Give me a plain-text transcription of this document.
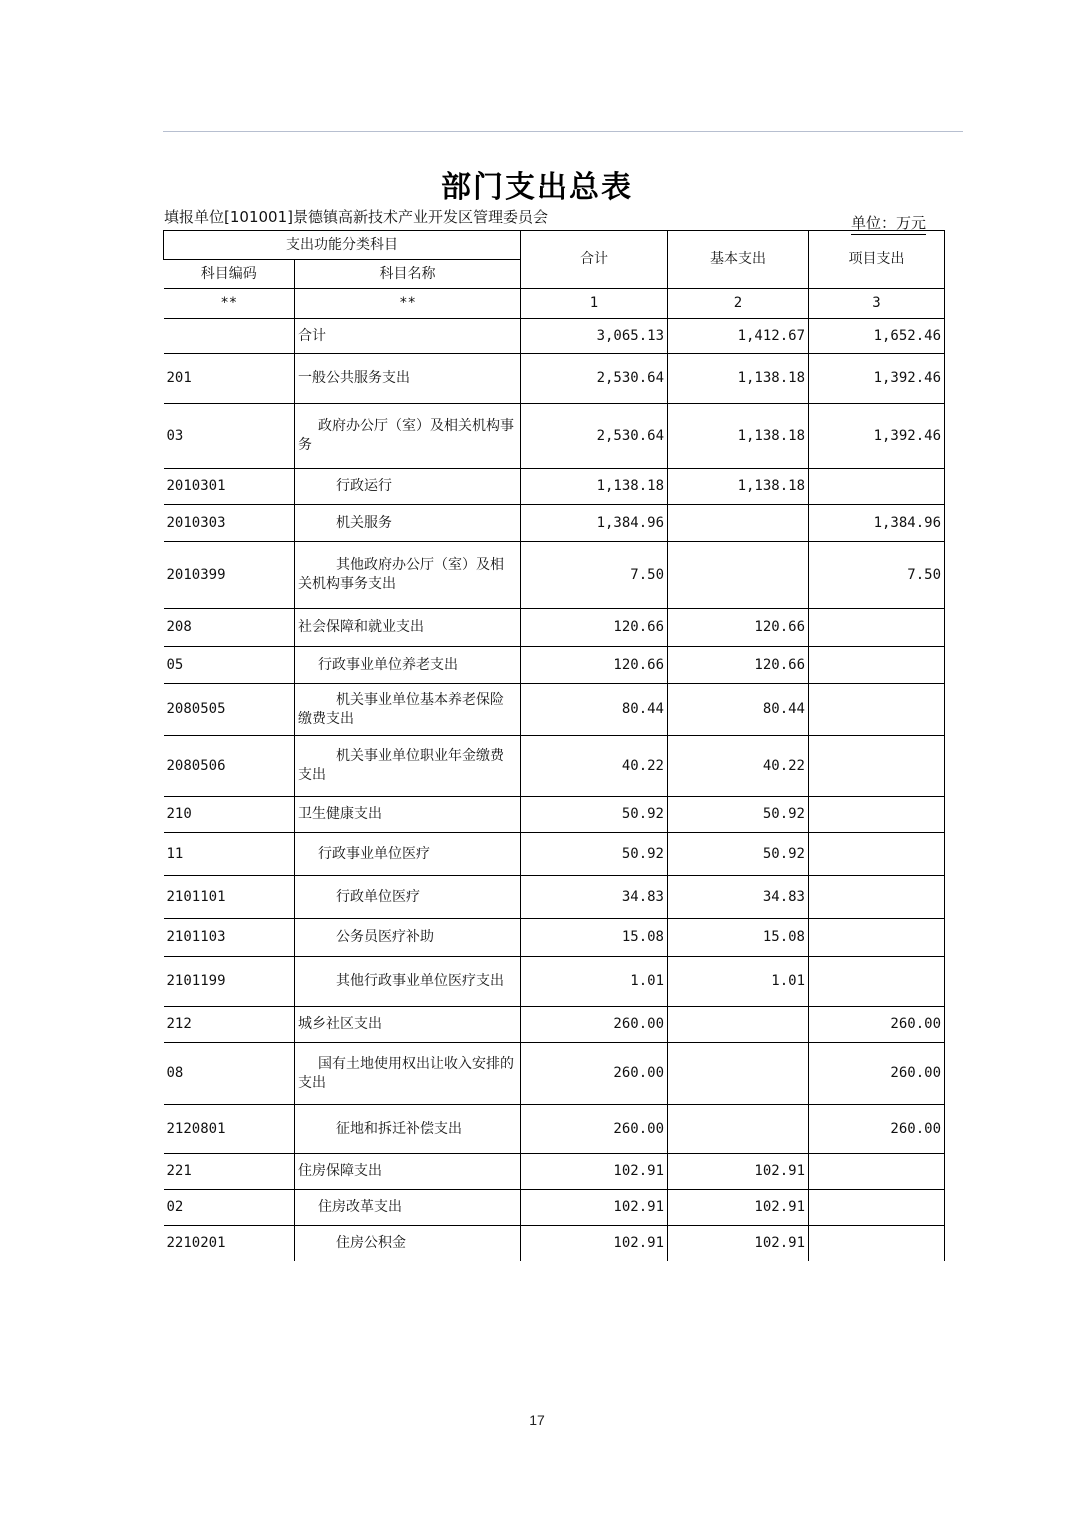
部门支出总表
填报单位[101001]景德镇高新技术产业开发区管理委员会	单位：万元
支出功能分类科目		合计	基本支出	项目支出
科目编码	科目名称			
**	**	1	2	3
	合计	3,065.13	1,412.67	1,652.46
201	一般公共服务支出	2,530.64	1,138.18	1,392.46
03	政府办公厅（室）及相关机构事务	2,530.64	1,138.18	1,392.46
2010301	行政运行	1,138.18	1,138.18	
2010303	机关服务	1,384.96		1,384.96
2010399	其他政府办公厅（室）及相关机构事务支出	7.50		7.50
208	社会保障和就业支出	120.66	120.66	
05	行政事业单位养老支出	120.66	120.66	
2080505	机关事业单位基本养老保险缴费支出	80.44	80.44	
2080506	机关事业单位职业年金缴费支出	40.22	40.22	
210	卫生健康支出	50.92	50.92	
11	行政事业单位医疗	50.92	50.92	
2101101	行政单位医疗	34.83	34.83	
2101103	公务员医疗补助	15.08	15.08	
2101199	其他行政事业单位医疗支出	1.01	1.01	
212	城乡社区支出	260.00		260.00
08	国有土地使用权出让收入安排的支出	260.00		260.00
2120801	征地和拆迁补偿支出	260.00		260.00
221	住房保障支出	102.91	102.91	
02	住房改革支出	102.91	102.91	
2210201	住房公积金	102.91	102.91	
17
